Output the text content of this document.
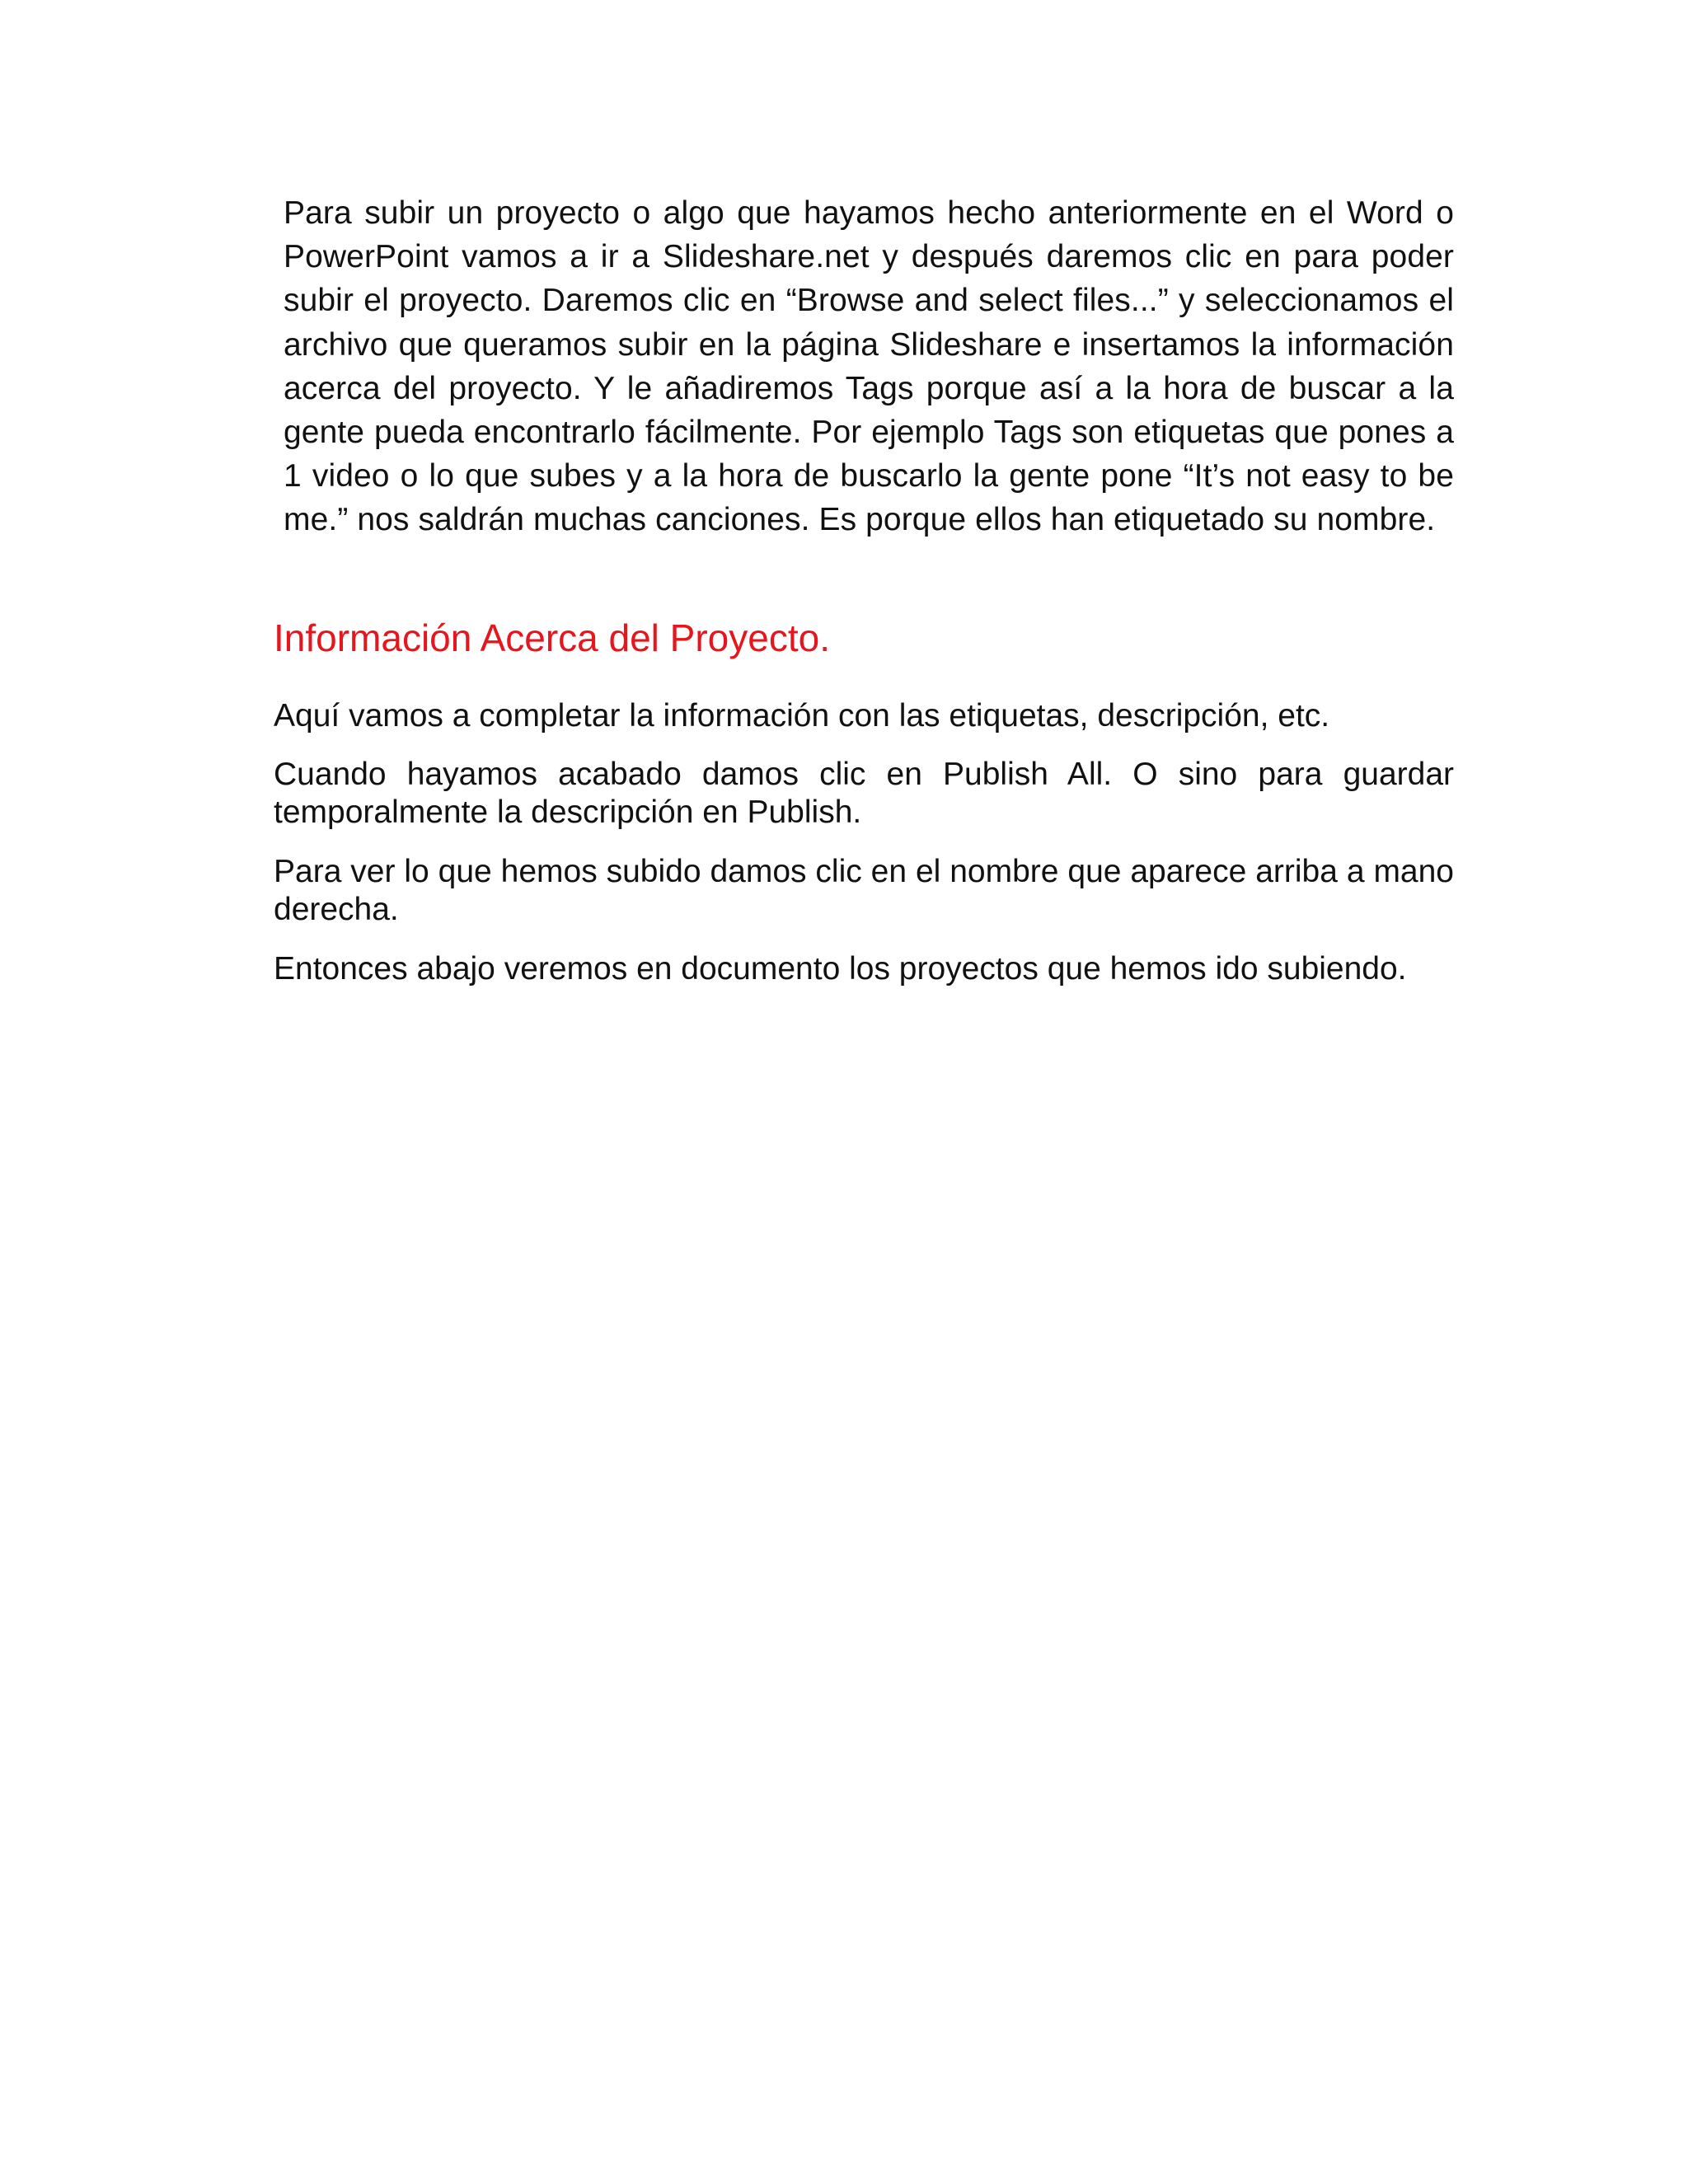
Para subir un proyecto o algo que hayamos hecho anteriormente en el Word o PowerPoint vamos a ir a Slideshare.net y después daremos clic en para poder subir el proyecto. Daremos clic en “Browse and select files...” y seleccionamos el archivo que queramos subir en la página Slideshare e insertamos la información acerca del proyecto. Y le añadiremos Tags porque así a la hora de buscar a la gente pueda encontrarlo fácilmente. Por ejemplo Tags son etiquetas que pones a 1 video o lo que subes y a la hora de buscarlo la gente pone “It’s not easy to be me.” nos saldrán muchas canciones. Es porque ellos han etiquetado su nombre.

Información Acerca del Proyecto.

Aquí vamos a completar la información con las etiquetas, descripción, etc.

Cuando hayamos acabado damos clic en Publish All. O sino para guardar temporalmente la descripción en Publish.

Para ver lo que hemos subido damos clic en el nombre que aparece arriba a mano derecha.

Entonces abajo veremos en documento los proyectos que hemos ido subiendo.
